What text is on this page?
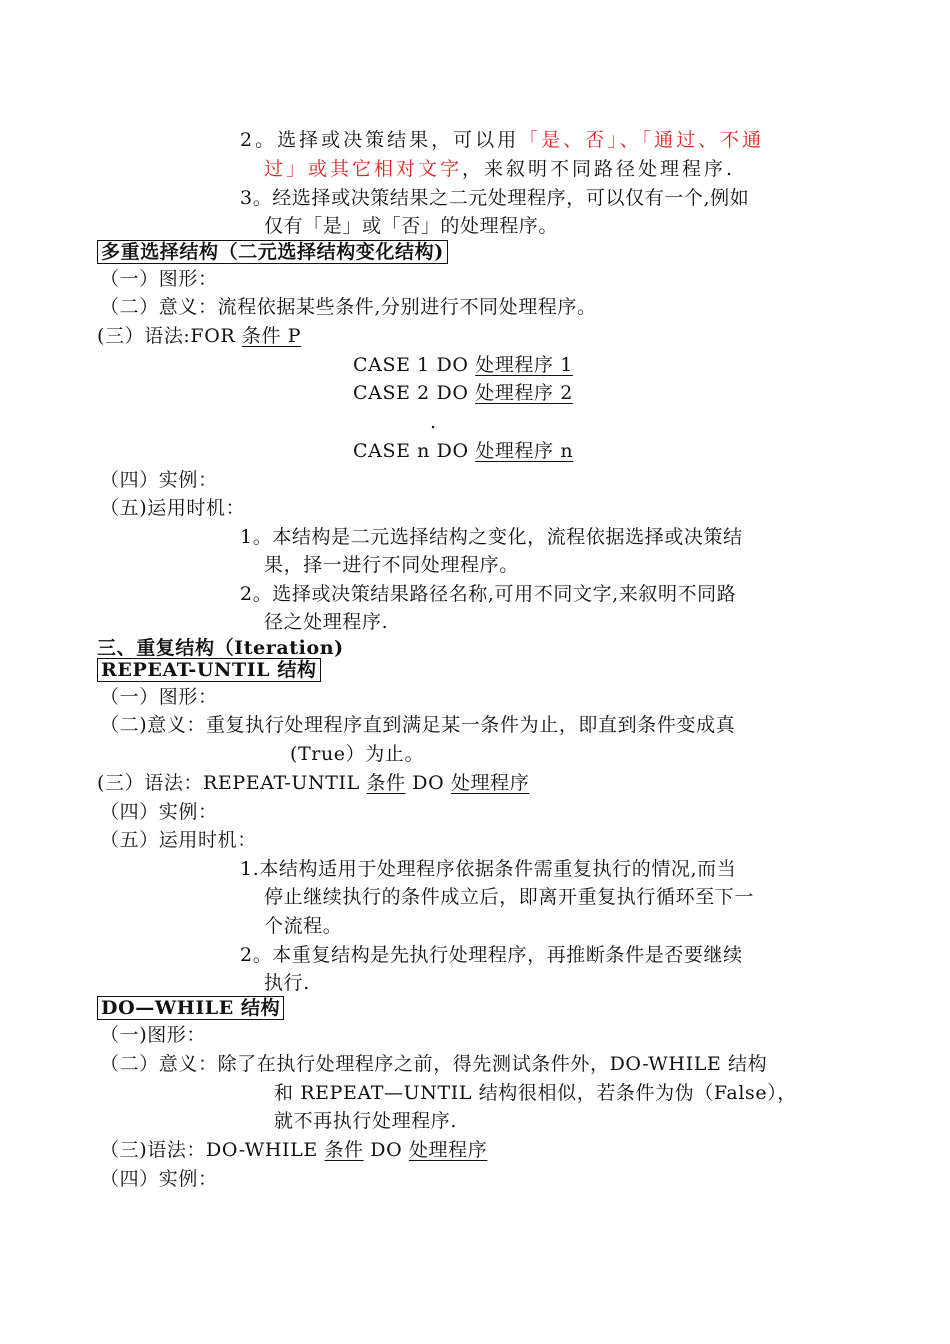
2。选择或决策结果，可以用「是、否」、「通过、不通
过」或其它相对文字，来叙明不同路径处理程序.
3。经选择或决策结果之二元处理程序，可以仅有一个,例如
仅有「是」或「否」的处理程序。
多重选择结构（二元选择结构变化结构)
（一）图形：
（二）意义：流程依据某些条件,分别进行不同处理程序。
(三）语法:FOR 条件 P
CASE 1 DO 处理程序 1
CASE 2 DO 处理程序 2
.
CASE n DO 处理程序 n
（四）实例：
（五)运用时机：
1。本结构是二元选择结构之变化，流程依据选择或决策结
果，择一进行不同处理程序。
2。选择或决策结果路径名称,可用不同文字,来叙明不同路
径之处理程序.
三、重复结构（Iteration)
REPEAT-UNTIL 结构
（一）图形：
（二)意义：重复执行处理程序直到满足某一条件为止，即直到条件变成真
(True）为止。
(三）语法：REPEAT-UNTIL 条件 DO 处理程序
（四）实例：
（五）运用时机：
1.本结构适用于处理程序依据条件需重复执行的情况,而当
停止继续执行的条件成立后，即离开重复执行循环至下一
个流程。
2。本重复结构是先执行处理程序，再推断条件是否要继续
执行.
DO—WHILE 结构
（一)图形：
（二）意义：除了在执行处理程序之前，得先测试条件外，DO-WHILE 结构
和 REPEAT—UNTIL 结构很相似，若条件为伪（False），
就不再执行处理程序.
（三)语法：DO-WHILE 条件 DO 处理程序
（四）实例：
